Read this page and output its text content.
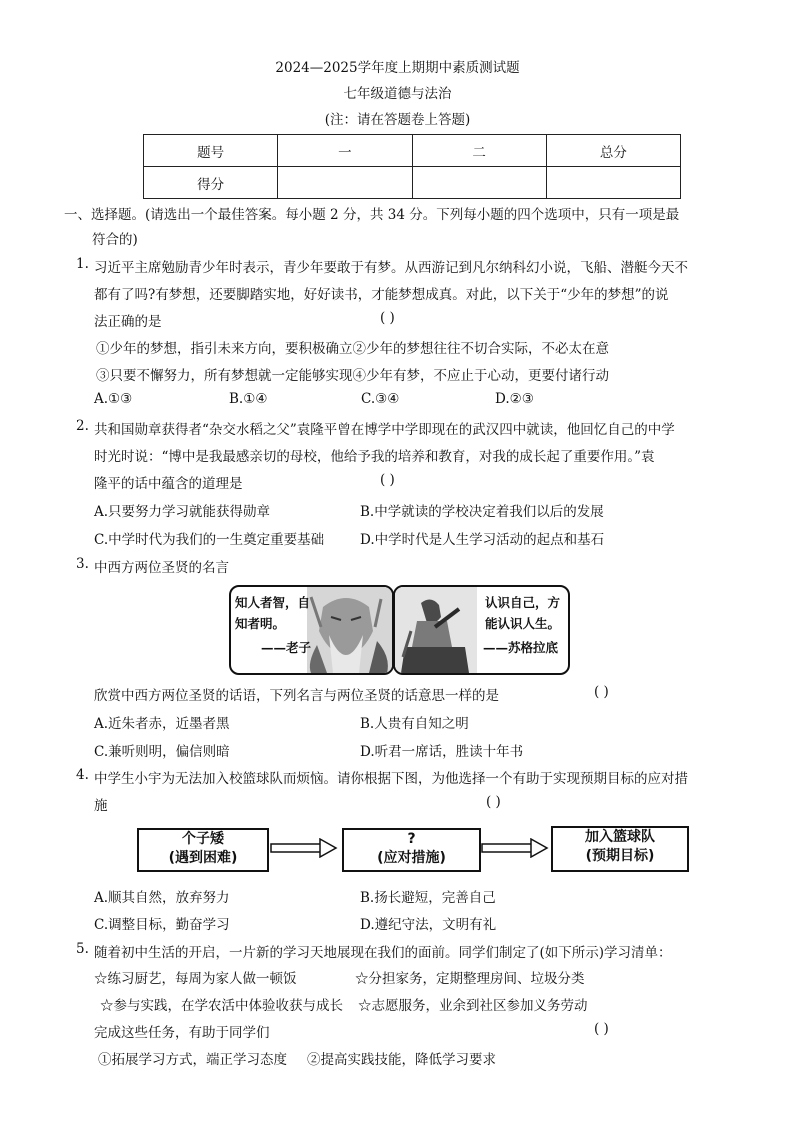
2024—2025学年度上期期中素质测试题
七年级道德与法治
(注：请在答题卷上答题)
题号	一	二	总分
得分			
一、选择题。(请选出一个最佳答案。每小题 2 分，共 34 分。下列每小题的四个选项中，只有一项是最
符合的)
1. 习近平主席勉励青少年时表示，青少年要敢于有梦。从西游记到凡尔纳科幻小说，飞船、潜艇今天不
都有了吗?有梦想，还要脚踏实地，好好读书，才能梦想成真。对此，以下关于“少年的梦想”的说
法正确的是	( )
①少年的梦想，指引未来方向，要积极确立②少年的梦想往往不切合实际，不必太在意
③只要不懈努力，所有梦想就一定能够实现④少年有梦，不应止于心动，更要付诸行动
A.①③	B.①④	C.③④	D.②③
2. 共和国勋章获得者“杂交水稻之父”袁隆平曾在博学中学即现在的武汉四中就读，他回忆自己的中学
时光时说：“博中是我最感亲切的母校，他给予我的培养和教育，对我的成长起了重要作用。”袁
隆平的话中蕴含的道理是	( )
A.只要努力学习就能获得勋章	B.中学就读的学校决定着我们以后的发展
C.中学时代为我们的一生奠定重要基础	D.中学时代是人生学习活动的起点和基石
3. 中西方两位圣贤的名言
知人者智，自
知者明。
——老子
认识自己，方
能认识人生。
——苏格拉底
欣赏中西方两位圣贤的话语，下列名言与两位圣贤的话意思一样的是	( )
A.近朱者赤，近墨者黑	B.人贵有自知之明
C.兼听则明，偏信则暗	D.听君一席话，胜读十年书
4. 中学生小宇为无法加入校篮球队而烦恼。请你根据下图，为他选择一个有助于实现预期目标的应对措
施	( )
个子矮
(遇到困难)
?
(应对措施)
加入篮球队
(预期目标)
A.顺其自然，放弃努力	B.扬长避短，完善自己
C.调整目标，勤奋学习	D.遵纪守法，文明有礼
5. 随着初中生活的开启，一片新的学习天地展现在我们的面前。同学们制定了(如下所示)学习清单：
☆练习厨艺，每周为家人做一顿饭	☆分担家务，定期整理房间、垃圾分类
☆参与实践，在学农活中体验收获与成长 ☆志愿服务，业余到社区参加义务劳动
完成这些任务，有助于同学们	( )
①拓展学习方式，端正学习态度 ②提高实践技能，降低学习要求
